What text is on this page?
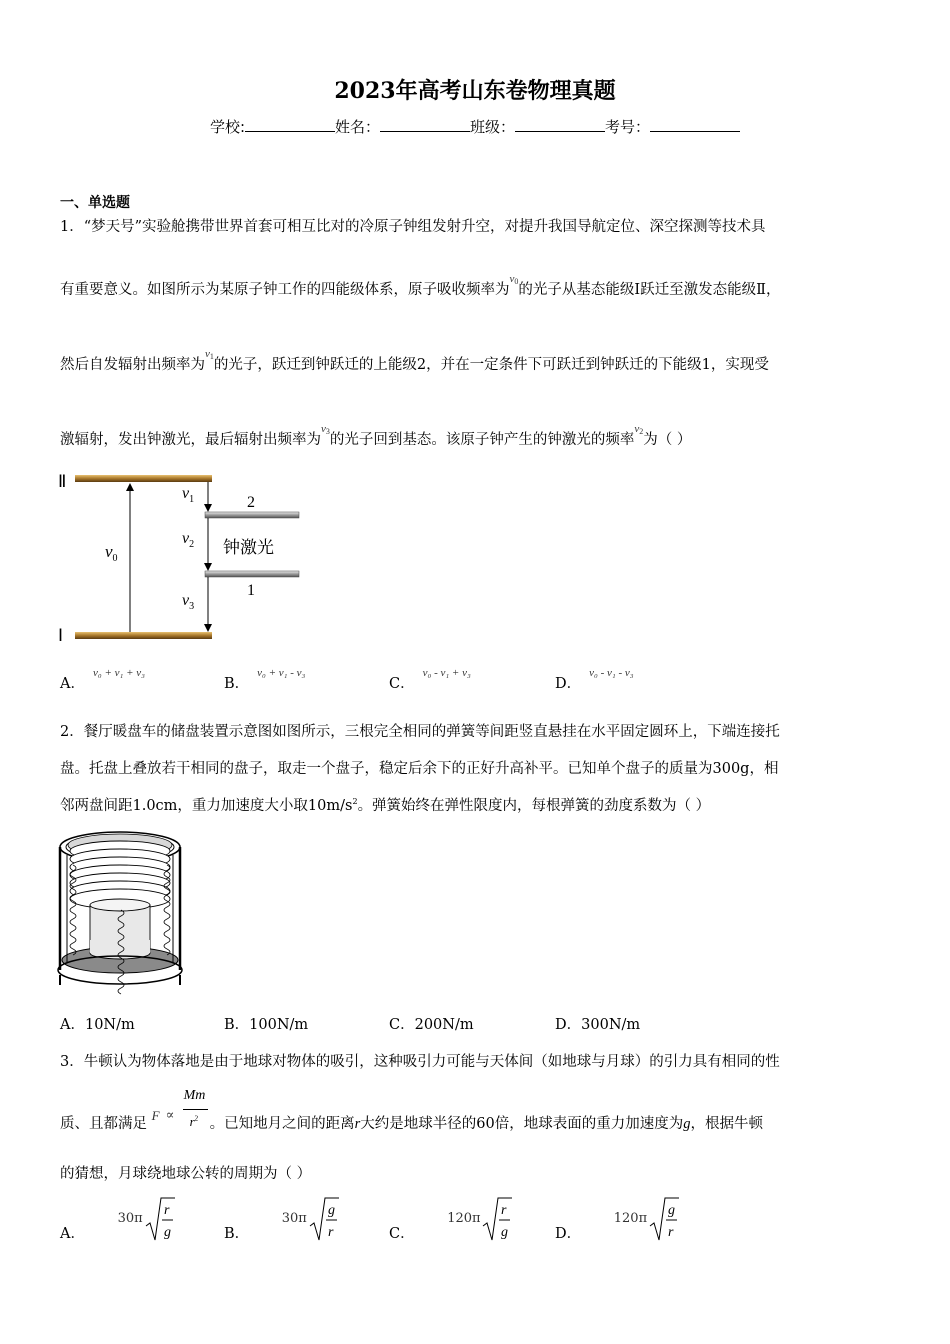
2023年高考山东卷物理真题
学校:	姓名：	班级：	考号：
一、单选题
1．“梦天号”实验舱携带世界首套可相互比对的冷原子钟组发射升空，对提升我国导航定位、深空探测等技术具
有重要意义。如图所示为某原子钟工作的四能级体系，原子吸收频率为$^{\nu_0}$的光子从基态能级Ⅰ跃迁至激发态能级Ⅱ，
然后自发辐射出频率为$^{\nu_1}$的光子，跃迁到钟跃迁的上能级2，并在一定条件下可跃迁到钟跃迁的下能级1，实现受
激辐射，发出钟激光，最后辐射出频率为$^{\nu_3}$的光子回到基态。该原子钟产生的钟激光的频率$^{\nu_2}$为（ ）
Ⅱ
Ⅰ
2
1
钟激光
$\nu_0$
$\nu_1$
$\nu_2$
$\nu_3$
A．$^{\nu_0 + \nu_1 + \nu_3}$
B．$^{\nu_0 + \nu_1 - \nu_3}$
C．$^{\nu_0 - \nu_1 + \nu_3}$
D．$^{\nu_0 - \nu_1 - \nu_3}$
2．餐厅暖盘车的储盘装置示意图如图所示，三根完全相同的弹簧等间距竖直悬挂在水平固定圆环上，下端连接托
盘。托盘上叠放若干相同的盘子，取走一个盘子，稳定后余下的正好升高补平。已知单个盘子的质量为300g，相
邻两盘间距1.0cm，重力加速度大小取$10m/s^2$。弹簧始终在弹性限度内，每根弹簧的劲度系数为（ ）
A．10N/m	B．100N/m	C．200N/m	D．300N/m
3．牛顿认为物体落地是由于地球对物体的吸引，这种吸引力可能与天体间（如地球与月球）的引力具有相同的性
质、且都满足
F ∝
Mm
$r^2$ 。已知地月之间的距离r大约是地球半径的60倍，地球表面的重力加速度为g，根据牛顿
的猜想，月球绕地球公转的周期为（ ）
A．
30π
r
g	B．
30π
g
r	C．
120π
r
g	D．
120π
g
r
